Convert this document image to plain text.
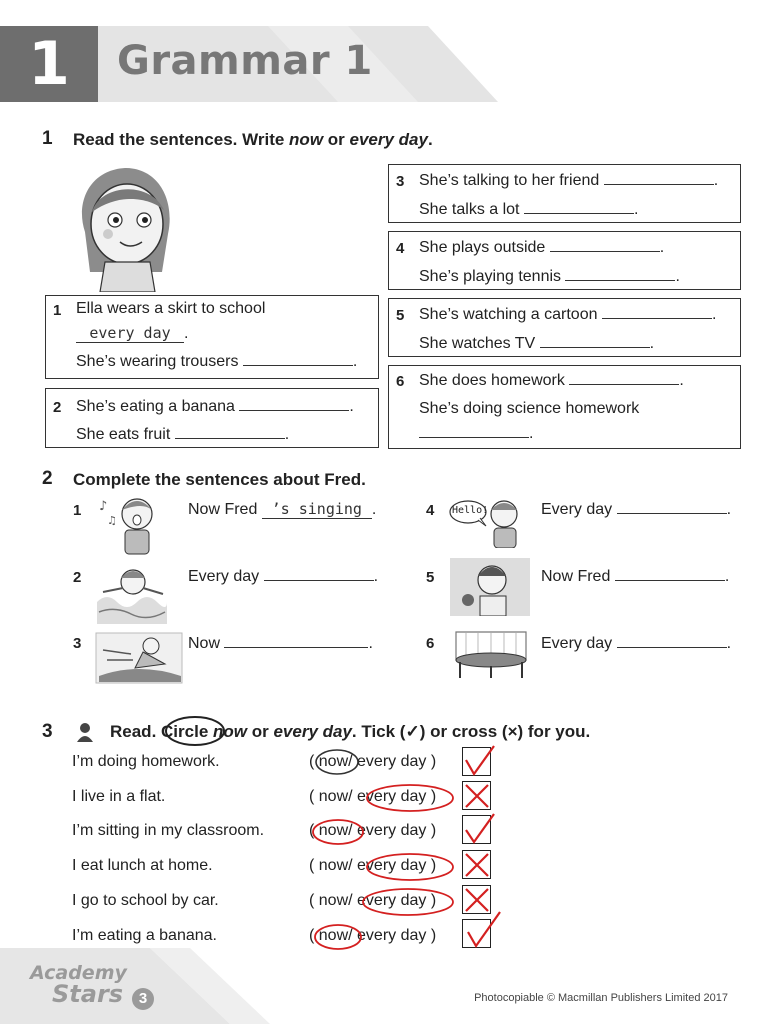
1	Grammar 1
1 Read the sentences. Write now or every day.
1 Ella wears a skirt to school
every day .
She’s wearing trousers	.
2 She’s eating a banana	.
She eats fruit	.
3 She’s talking to her friend	.
She talks a lot	.
4 She plays outside	.
She’s playing tennis	.
5 She’s watching a cartoon	.
She watches TV	.
6 She does homework	.
She’s doing science homework
.
2 Complete the sentences about Fred.
1 ♪
♫
Now Fred ’s singing .
2	Every day	.
3	Now	.
4 Hello!	Every day	.
5	Now Fred	.
6	Every day	.
3	Read. Circle now or every day. Tick (✓) or cross (×) for you.
I’m doing homework.	( now/ every day )
I live in a flat.	( now/ every day )
I’m sitting in my classroom.	( now/ every day )
I eat lunch at home.	( now/ every day )
I go to school by car.	( now/ every day )
I’m eating a banana.	( now/ every day )
Academy
Stars	3	Photocopiable © Macmillan Publishers Limited 2017
